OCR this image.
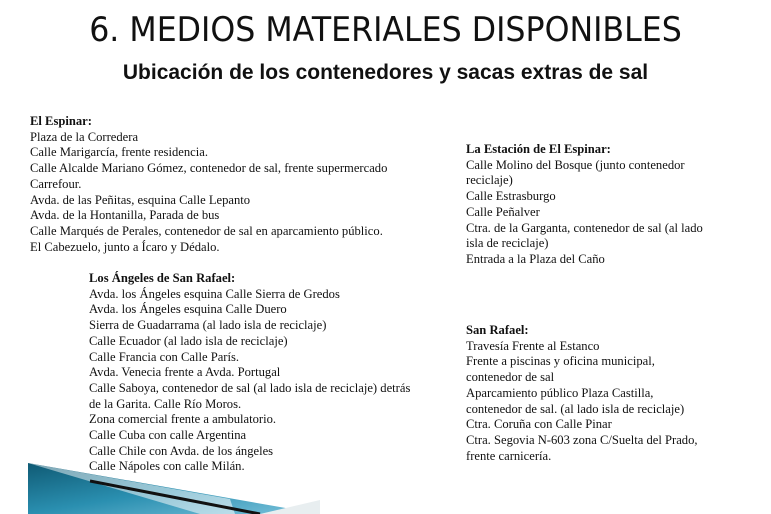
6. MEDIOS MATERIALES DISPONIBLES
Ubicación de los contenedores y sacas extras de sal
El Espinar:
Plaza de la Corredera
Calle Marigarcía, frente residencia.
Calle Alcalde Mariano Gómez, contenedor de sal, frente supermercado
Carrefour.
Avda. de las Peñitas, esquina Calle Lepanto
Avda. de la Hontanilla, Parada de bus
Calle Marqués de Perales, contenedor de sal en aparcamiento público.
El Cabezuelo, junto a Ícaro y Dédalo.
Los Ángeles de San Rafael:
Avda. los Ángeles esquina Calle Sierra de Gredos
Avda. los Ángeles esquina Calle Duero
Sierra de Guadarrama (al lado isla de reciclaje)
Calle Ecuador (al lado isla de reciclaje)
Calle Francia con Calle París.
Avda. Venecia frente a Avda. Portugal
Calle Saboya, contenedor de sal (al lado isla de reciclaje) detrás
de la Garita. Calle Río Moros.
Zona comercial frente a ambulatorio.
Calle Cuba con calle Argentina
Calle Chile con Avda. de los ángeles
Calle Nápoles con calle Milán.
La Estación de El Espinar:
Calle Molino del Bosque (junto contenedor
reciclaje)
Calle Estrasburgo
Calle Peñalver
Ctra. de la Garganta, contenedor de sal (al lado
isla de reciclaje)
Entrada a la Plaza del Caño
San Rafael:
Travesía Frente al Estanco
Frente a piscinas y oficina municipal,
contenedor de sal
Aparcamiento público Plaza Castilla,
contenedor de sal. (al lado isla de reciclaje)
Ctra. Coruña con Calle Pinar
Ctra. Segovia N-603 zona C/Suelta del Prado,
frente carnicería.
